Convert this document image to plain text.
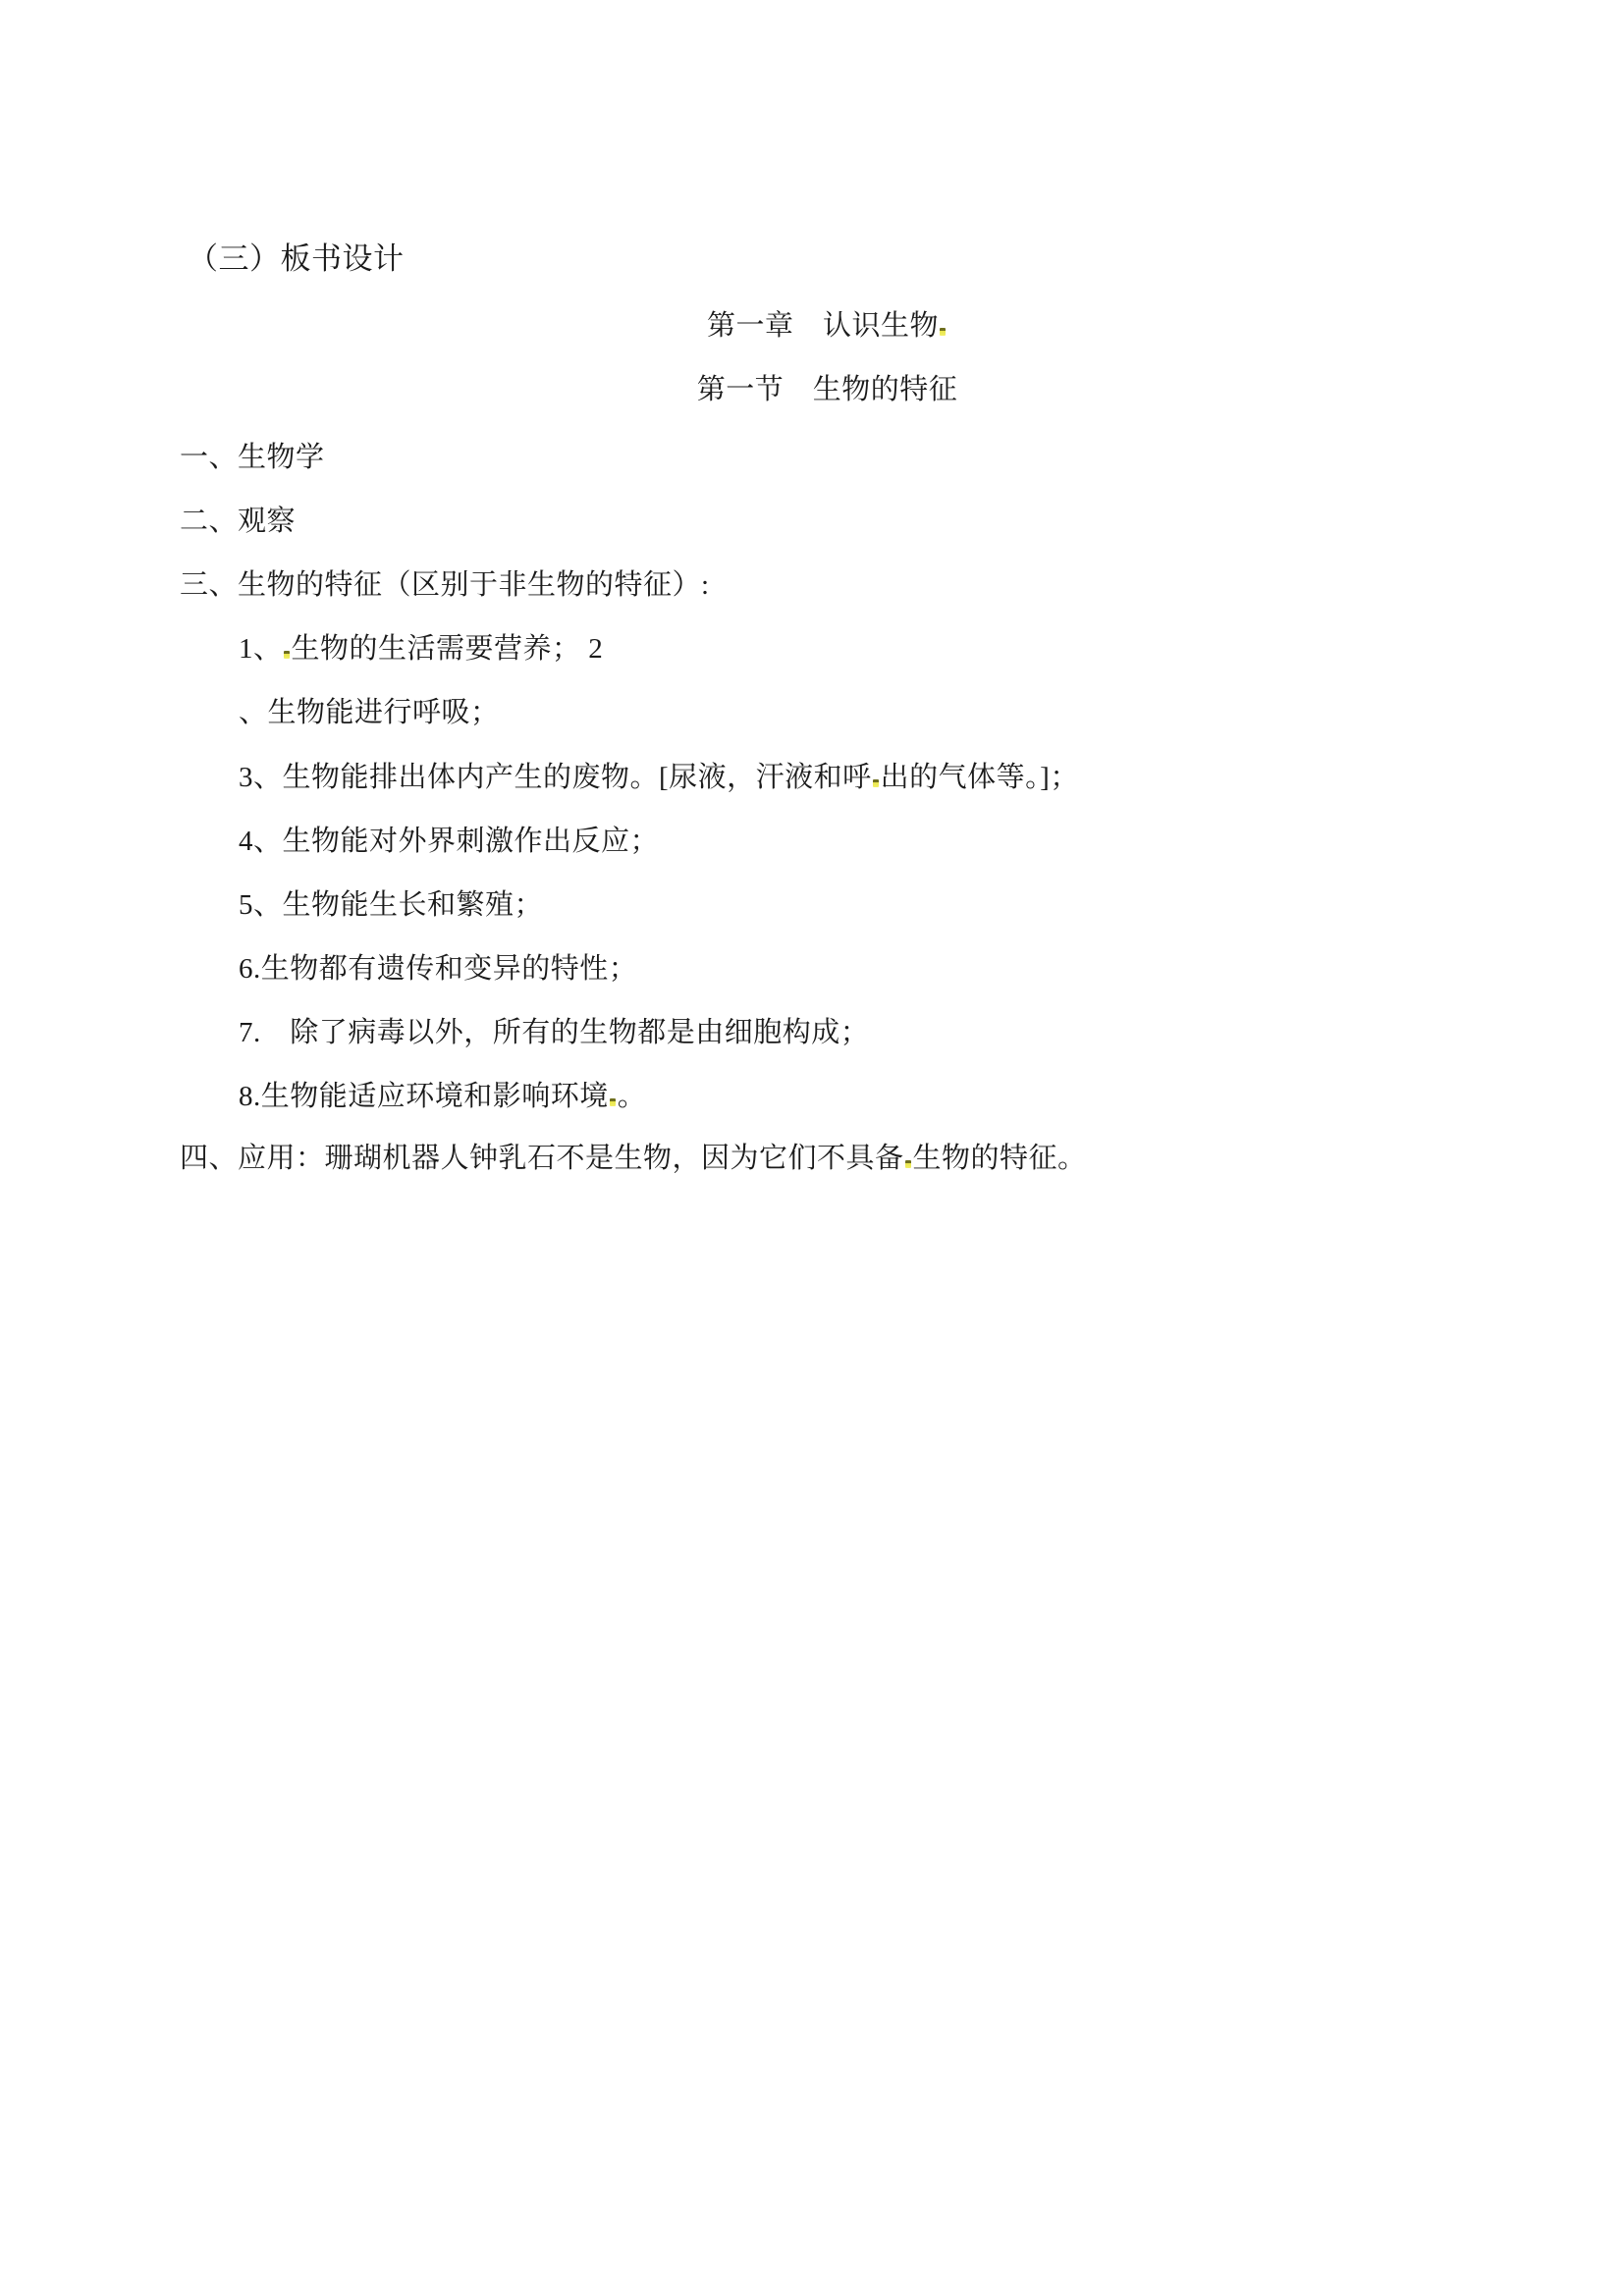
（三）板书设计

第一章　认识生物

第一节　生物的特征

一、生物学

二、观察

三、生物的特征（区别于非生物的特征）:

1、 生物的生活需要营养； 2

、生物能进行呼吸；

3、生物能排出体内产生的废物。[尿液，汗液和呼 出的气体等。]；

4、生物能对外界刺激作出反应；

5、生物能生长和繁殖；

6.生物都有遗传和变异的特性；

7.　除了病毒以外，所有的生物都是由细胞构成；

8.生物能适应环境和影响环境 。

四、应用：珊瑚机器人钟乳石不是生物，因为它们不具备 生物的特征。
